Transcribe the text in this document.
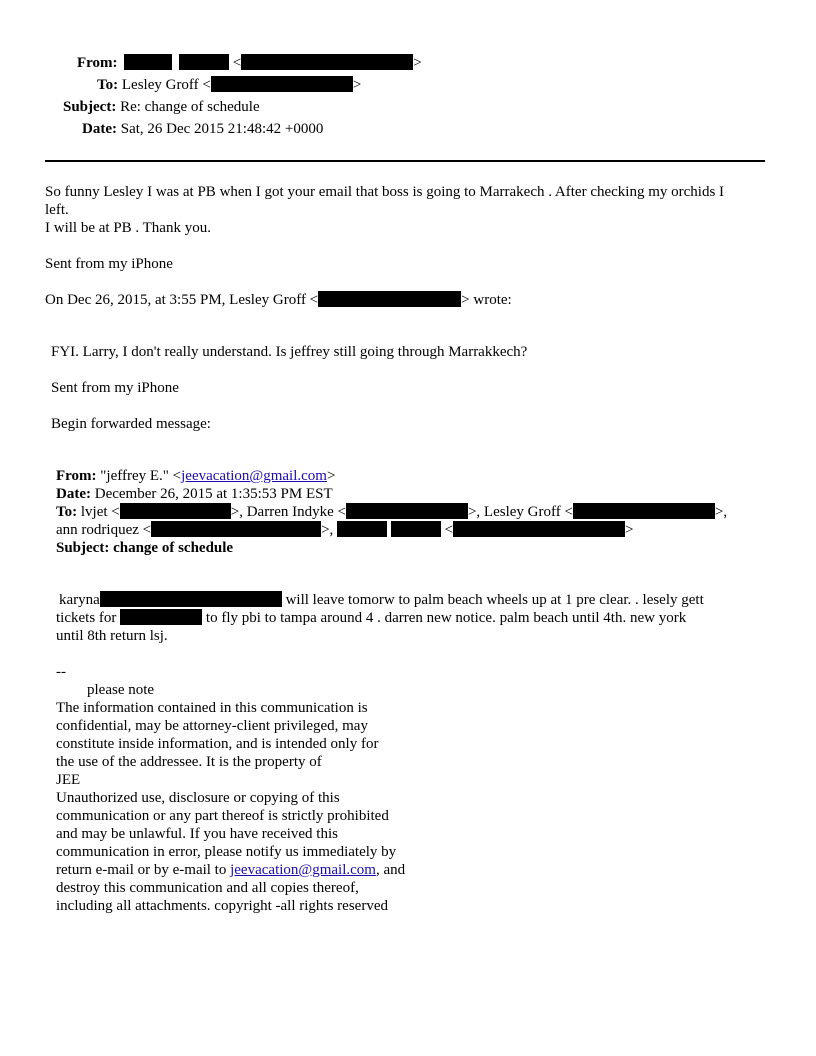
From:	<	>
To: Lesley Groff <	>
Subject: Re: change of schedule
Date: Sat, 26 Dec 2015 21:48:42 +0000
So funny Lesley I was at PB when I got your email that boss is going to Marrakech . After checking my orchids I
left.
I will be at PB . Thank you.
Sent from my iPhone
On Dec 26, 2015, at 3:55 PM, Lesley Groff <	> wrote:
FYI. Larry, I don't really understand. Is jeffrey still going through Marrakkech?
Sent from my iPhone
Begin forwarded message:
From: "jeffrey E." <jeevacation@gmail.com>
Date: December 26, 2015 at 1:35:53 PM EST
To: lvjet <	>, Darren Indyke <	>, Lesley Groff <	>,
ann rodriquez <	>,	<	>
Subject: change of schedule
karyna	will leave tomorw to palm beach wheels up at 1 pre clear. . lesely gett
tickets for	to fly pbi to tampa around 4 . darren new notice. palm beach until 4th. new york
until 8th return lsj.
--
please note
The information contained in this communication is
confidential, may be attorney-client privileged, may
constitute inside information, and is intended only for
the use of the addressee. It is the property of
JEE
Unauthorized use, disclosure or copying of this
communication or any part thereof is strictly prohibited
and may be unlawful. If you have received this
communication in error, please notify us immediately by
return e-mail or by e-mail to jeevacation@gmail.com, and
destroy this communication and all copies thereof,
including all attachments. copyright -all rights reserved
